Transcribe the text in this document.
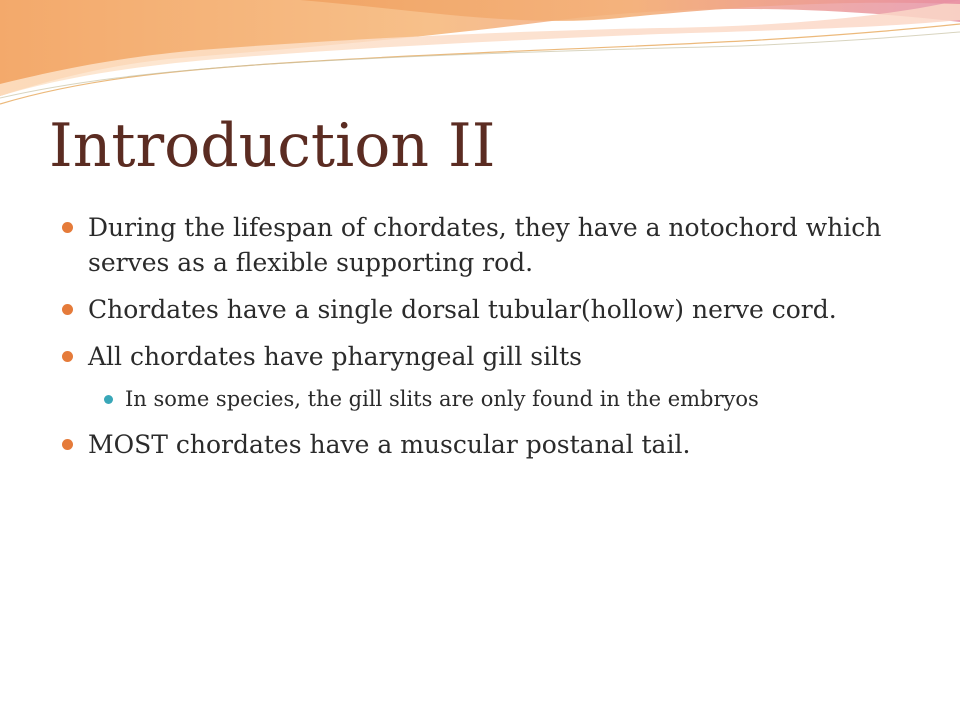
Introduction II
During the lifespan of chordates, they have a notochord which serves as a flexible supporting rod.
Chordates have a single dorsal tubular(hollow) nerve cord.
All chordates have pharyngeal gill silts
In some species, the gill slits are only found in the embryos
MOST chordates have a muscular postanal tail.
